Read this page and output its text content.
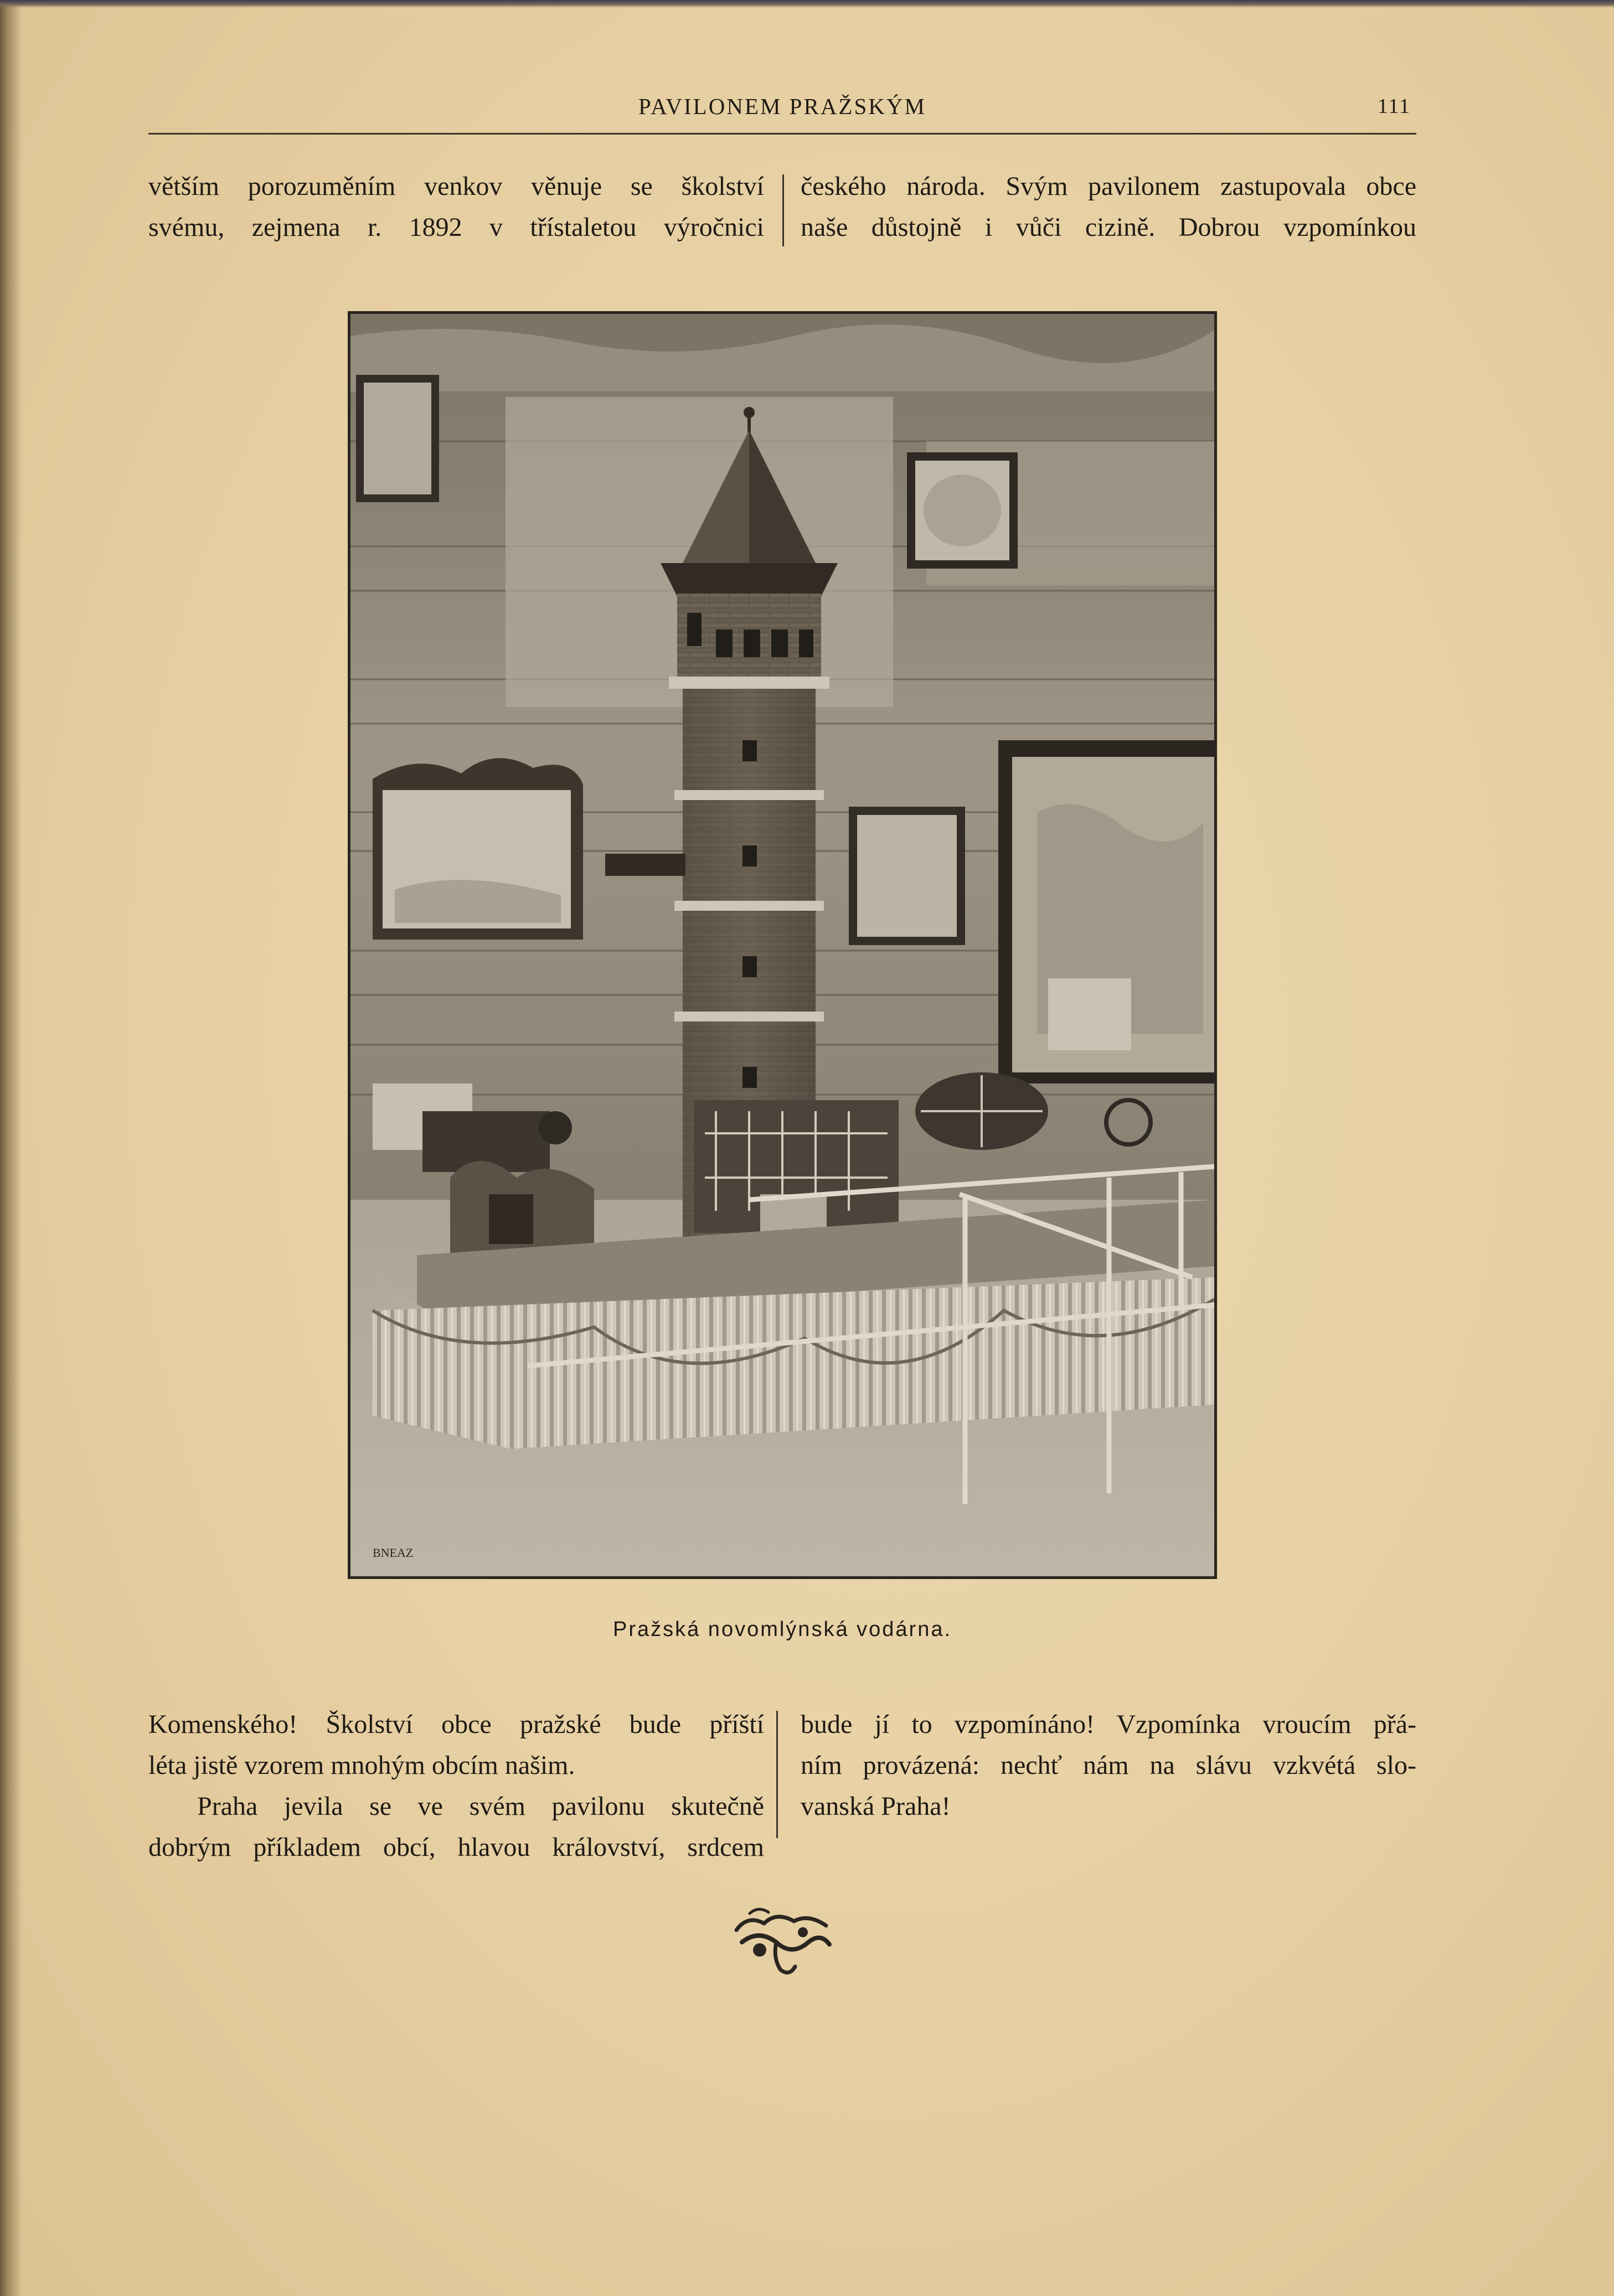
PAVILONEM PRAŽSKÝM	111
větším porozuměním venkov věnuje se školství
svému, zejmena r. 1892 v třístaletou výročnici
českého národa. Svým pavilonem zastupovala obce
naše důstojně i vůči cizině. Dobrou vzpomínkou
BNEAZ
Pražská novomlýnská vodárna.
Komenského! Školství obce pražské bude příští
léta jistě vzorem mnohým obcím našim.
Praha jevila se ve svém pavilonu skutečně
dobrým příkladem obcí, hlavou království, srdcem
bude jí to vzpomínáno! Vzpomínka vroucím přá-
ním provázená: nechť nám na slávu vzkvétá slo-
vanská Praha!
